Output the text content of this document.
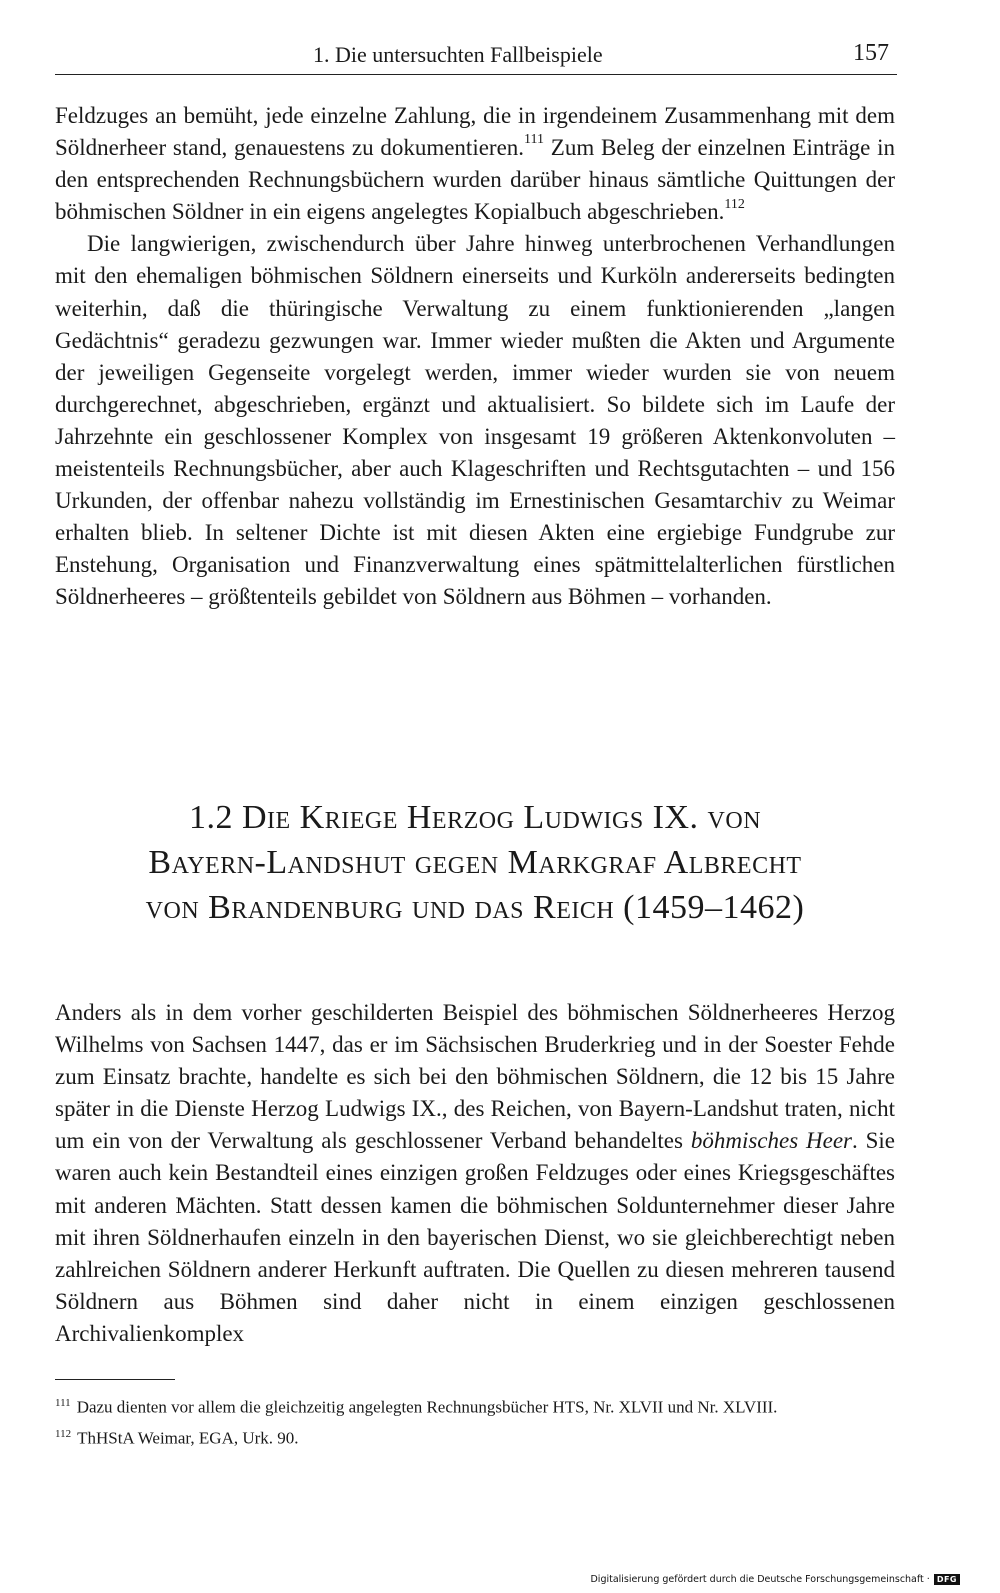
1. Die untersuchten Fallbeispiele	157

Feldzuges an bemüht, jede einzelne Zahlung, die in irgendeinem Zusammenhang mit dem Söldnerheer stand, genauestens zu dokumentieren.$^{111}$ Zum Beleg der einzelnen Einträge in den entsprechenden Rechnungsbüchern wurden darüber hinaus sämtliche Quittungen der böhmischen Söldner in ein eigens angelegtes Kopialbuch abgeschrieben.$^{112}$

Die langwierigen, zwischendurch über Jahre hinweg unterbrochenen Verhandlungen mit den ehemaligen böhmischen Söldnern einerseits und Kurköln andererseits bedingten weiterhin, daß die thüringische Verwaltung zu einem funktionierenden „langen Gedächtnis“ geradezu gezwungen war. Immer wieder mußten die Akten und Argumente der jeweiligen Gegenseite vorgelegt werden, immer wieder wurden sie von neuem durchgerechnet, abgeschrieben, ergänzt und aktualisiert. So bildete sich im Laufe der Jahrzehnte ein geschlossener Komplex von insgesamt 19 größeren Aktenkonvoluten – meistenteils Rechnungsbücher, aber auch Klageschriften und Rechtsgutachten – und 156 Urkunden, der offenbar nahezu vollständig im Ernestinischen Gesamtarchiv zu Weimar erhalten blieb. In seltener Dichte ist mit diesen Akten eine ergiebige Fundgrube zur Enstehung, Organisation und Finanzverwaltung eines spätmittelalterlichen fürstlichen Söldnerheeres – größtenteils gebildet von Söldnern aus Böhmen – vorhanden.

1.2 Die Kriege Herzog Ludwigs IX. von
Bayern-Landshut gegen Markgraf Albrecht
von Brandenburg und das Reich (1459–1462)

Anders als in dem vorher geschilderten Beispiel des böhmischen Söldnerheeres Herzog Wilhelms von Sachsen 1447, das er im Sächsischen Bruderkrieg und in der Soester Fehde zum Einsatz brachte, handelte es sich bei den böhmischen Söldnern, die 12 bis 15 Jahre später in die Dienste Herzog Ludwigs IX., des Reichen, von Bayern-Landshut traten, nicht um ein von der Verwaltung als geschlossener Verband behandeltes böhmisches Heer. Sie waren auch kein Bestandteil eines einzigen großen Feldzuges oder eines Kriegsgeschäftes mit anderen Mächten. Statt dessen kamen die böhmischen Soldunternehmer dieser Jahre mit ihren Söldnerhaufen einzeln in den bayerischen Dienst, wo sie gleichberechtigt neben zahlreichen Söldnern anderer Herkunft auftraten. Die Quellen zu diesen mehreren tausend Söldnern aus Böhmen sind daher nicht in einem einzigen geschlossenen Archivalienkomplex

$^{111}$ Dazu dienten vor allem die gleichzeitig angelegten Rechnungsbücher HTS, Nr. XLVII und Nr. XLVIII.
$^{112}$ ThHStA Weimar, EGA, Urk. 90.
Digitalisierung gefördert durch die Deutsche Forschungsgemeinschaft · DFG
